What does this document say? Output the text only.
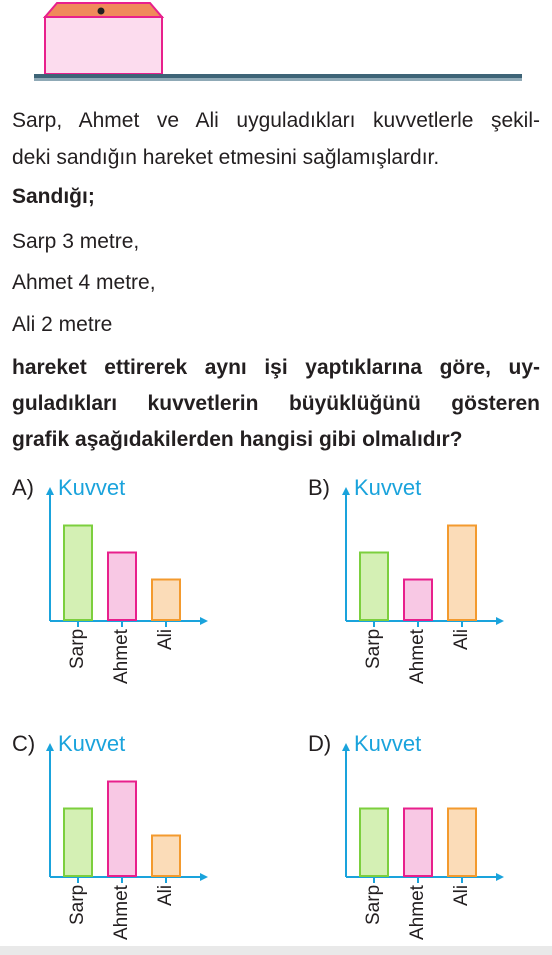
Sarp, Ahmet ve Ali uyguladıkları kuvvetlerle şekil-
deki sandığın hareket etmesini sağlamışlardır.
Sandığı;
Sarp 3 metre,
Ahmet 4 metre,
Ali 2 metre
hareket ettirerek aynı işi yaptıklarına göre, uy-
guladıkları kuvvetlerin büyüklüğünü gösteren
grafik aşağıdakilerden hangisi gibi olmalıdır?
A) Kuvvet
Sarp Ahmet Ali
B) Kuvvet
Sarp Ahmet Ali
C) Kuvvet
Sarp Ahmet Ali
D) Kuvvet
Sarp Ahmet Ali
